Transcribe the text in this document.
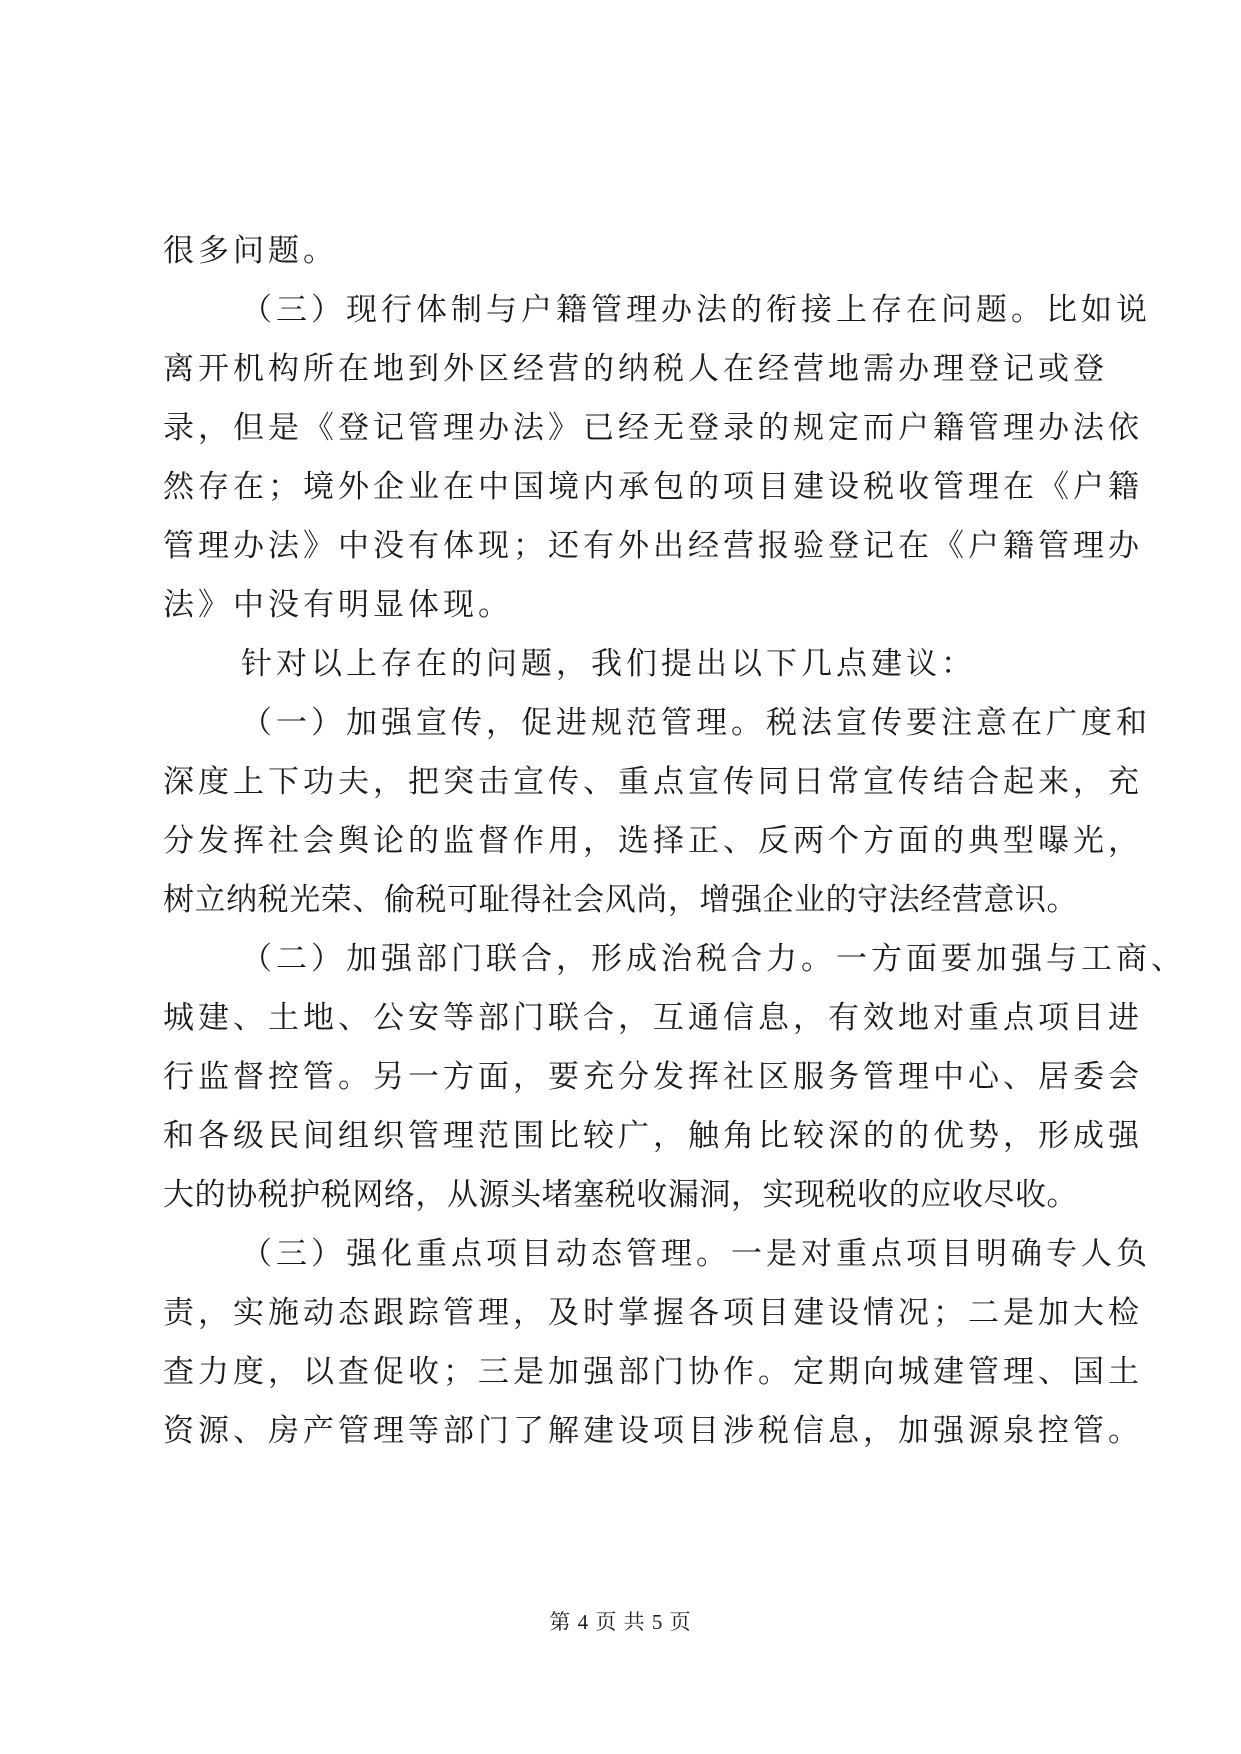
很多问题。
（三）现行体制与户籍管理办法的衔接上存在问题。比如说
离开机构所在地到外区经营的纳税人在经营地需办理登记或登
录，但是《登记管理办法》已经无登录的规定而户籍管理办法依
然存在；境外企业在中国境内承包的项目建设税收管理在《户籍
管理办法》中没有体现；还有外出经营报验登记在《户籍管理办
法》中没有明显体现。
针对以上存在的问题，我们提出以下几点建议：
（一）加强宣传，促进规范管理。税法宣传要注意在广度和
深度上下功夫，把突击宣传、重点宣传同日常宣传结合起来，充
分发挥社会舆论的监督作用，选择正、反两个方面的典型曝光，
树立纳税光荣、偷税可耻得社会风尚，增强企业的守法经营意识。
（二）加强部门联合，形成治税合力。一方面要加强与工商、
城建、土地、公安等部门联合，互通信息，有效地对重点项目进
行监督控管。另一方面，要充分发挥社区服务管理中心、居委会
和各级民间组织管理范围比较广，触角比较深的的优势，形成强
大的协税护税网络，从源头堵塞税收漏洞，实现税收的应收尽收。
（三）强化重点项目动态管理。一是对重点项目明确专人负
责，实施动态跟踪管理，及时掌握各项目建设情况；二是加大检
查力度，以查促收；三是加强部门协作。定期向城建管理、国土
资源、房产管理等部门了解建设项目涉税信息，加强源泉控管。
第 4 页 共 5 页
